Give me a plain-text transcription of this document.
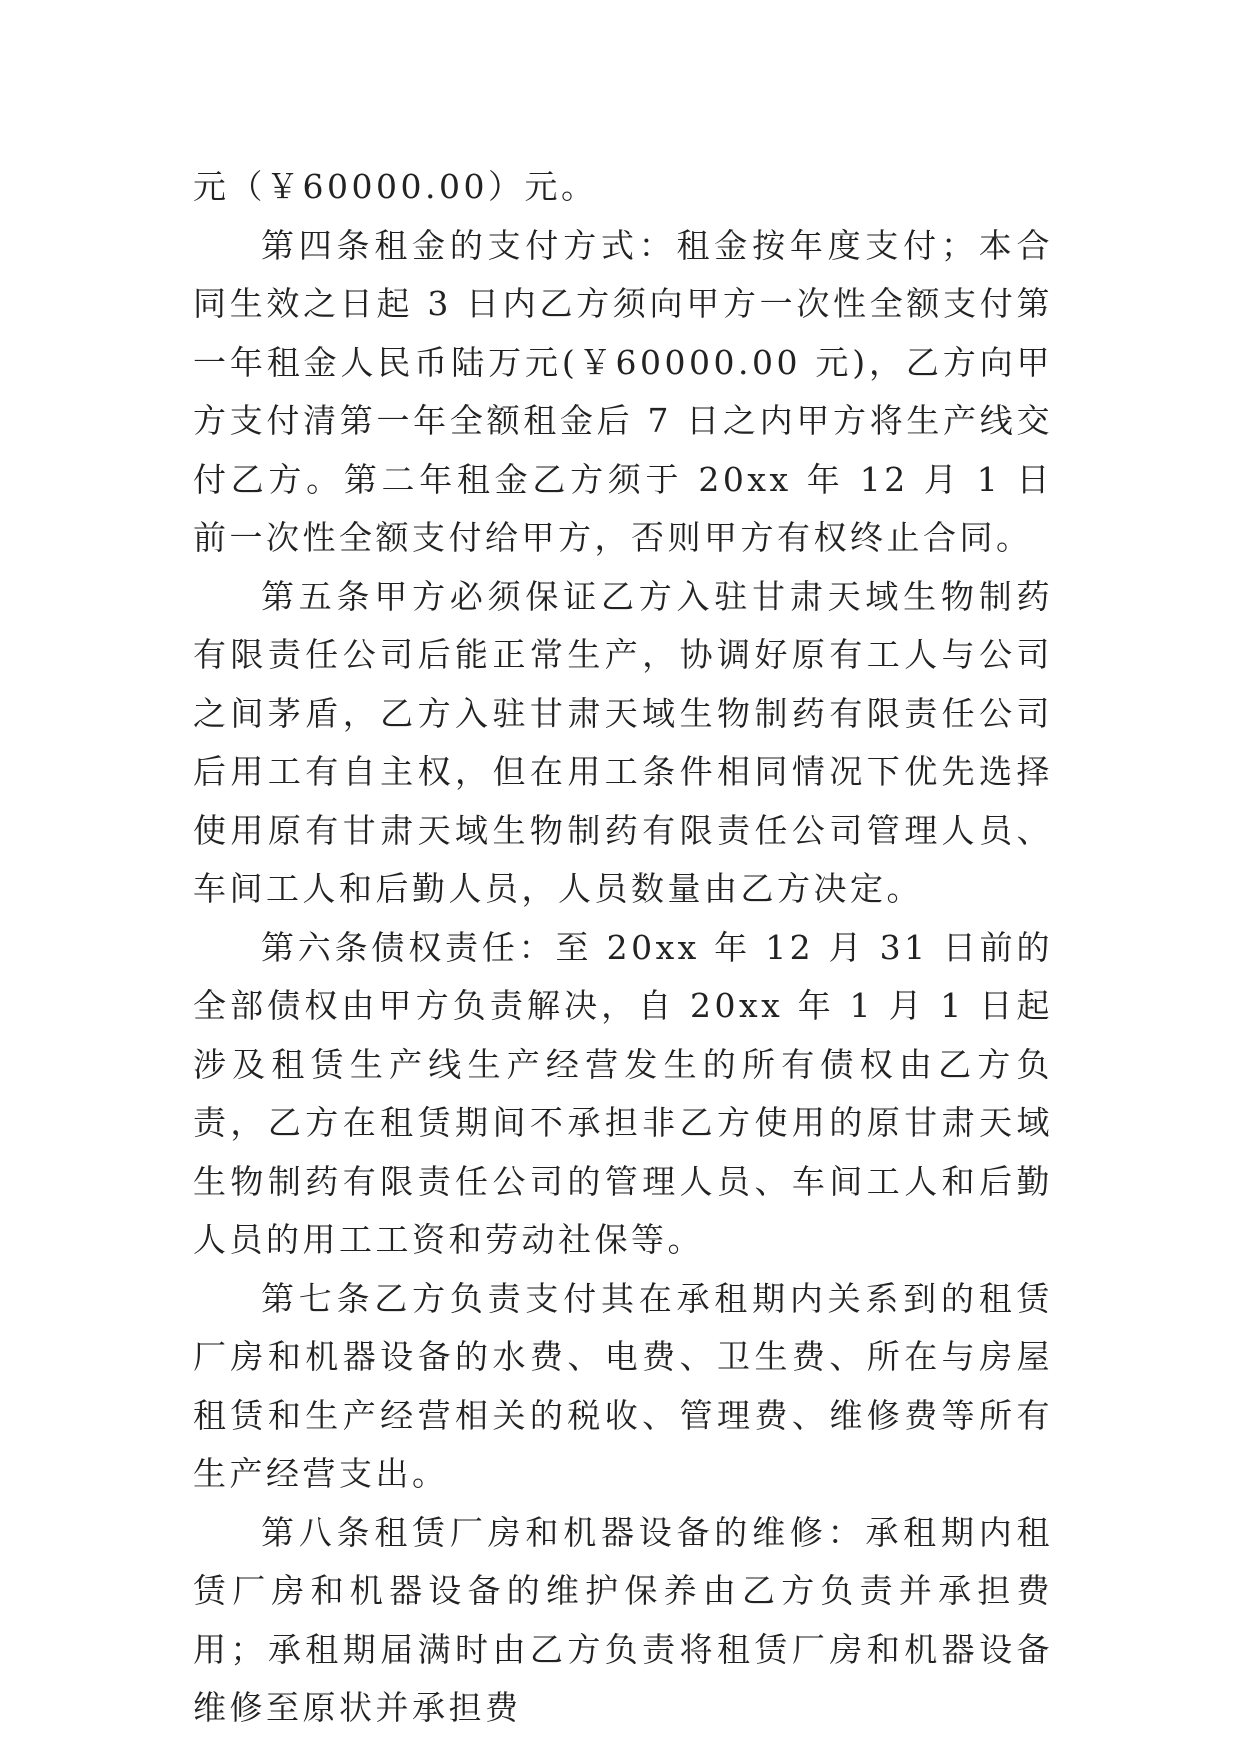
元（￥60000.00）元。

第四条租金的支付方式：租金按年度支付；本合同生效之日起 3 日内乙方须向甲方一次性全额支付第一年租金人民币陆万元(￥60000.00 元)，乙方向甲方支付清第一年全额租金后 7 日之内甲方将生产线交付乙方。第二年租金乙方须于 20xx 年 12 月 1 日前一次性全额支付给甲方，否则甲方有权终止合同。

第五条甲方必须保证乙方入驻甘肃天域生物制药有限责任公司后能正常生产，协调好原有工人与公司之间茅盾，乙方入驻甘肃天域生物制药有限责任公司后用工有自主权，但在用工条件相同情况下优先选择使用原有甘肃天域生物制药有限责任公司管理人员、车间工人和后勤人员，人员数量由乙方决定。

第六条债权责任：至 20xx 年 12 月 31 日前的全部债权由甲方负责解决，自 20xx 年 1 月 1 日起涉及租赁生产线生产经营发生的所有债权由乙方负责，乙方在租赁期间不承担非乙方使用的原甘肃天域生物制药有限责任公司的管理人员、车间工人和后勤人员的用工工资和劳动社保等。

第七条乙方负责支付其在承租期内关系到的租赁厂房和机器设备的水费、电费、卫生费、所在与房屋租赁和生产经营相关的税收、管理费、维修费等所有生产经营支出。

第八条租赁厂房和机器设备的维修：承租期内租赁厂房和机器设备的维护保养由乙方负责并承担费用；承租期届满时由乙方负责将租赁厂房和机器设备维修至原状并承担费
